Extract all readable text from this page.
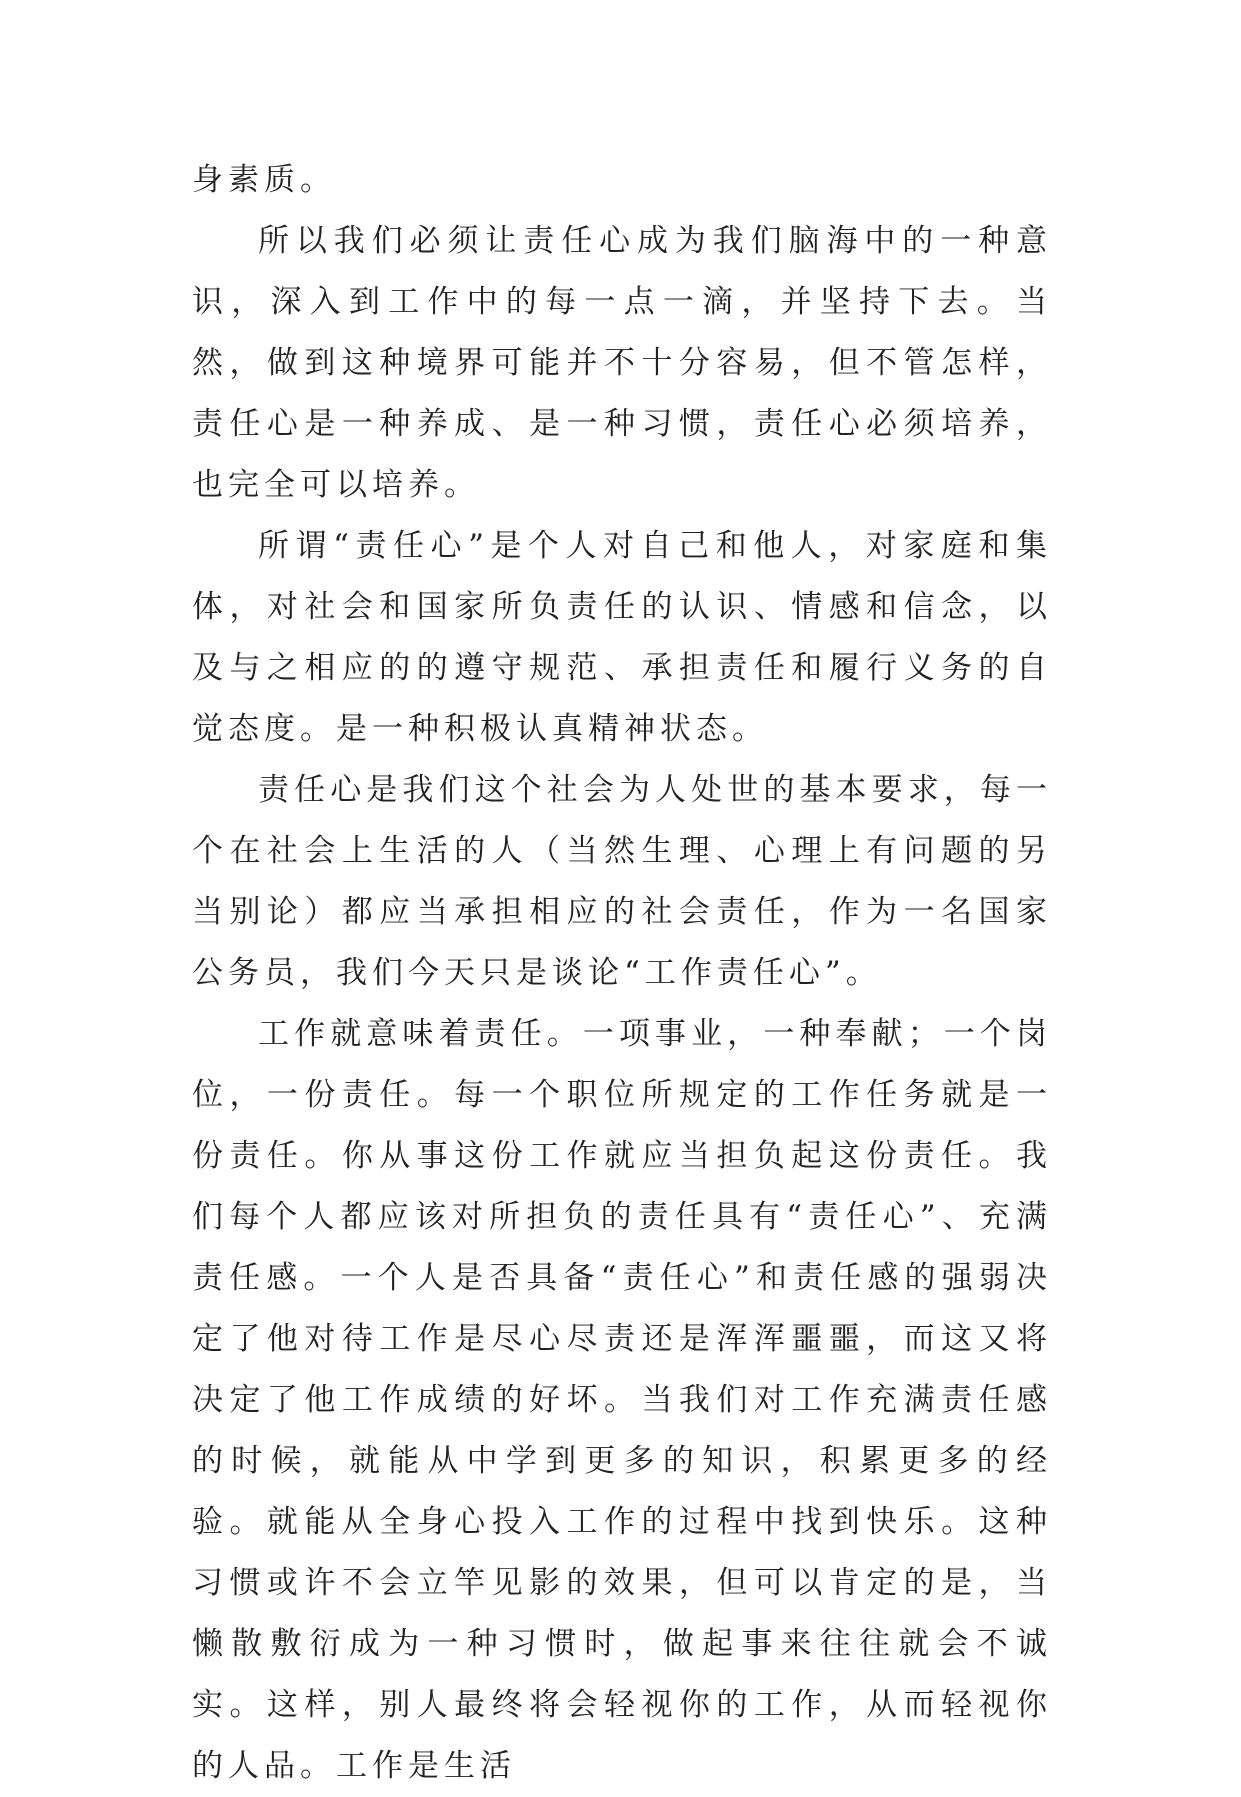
身素质。

所以我们必须让责任心成为我们脑海中的一种意识，深入到工作中的每一点一滴，并坚持下去。当然，做到这种境界可能并不十分容易，但不管怎样，责任心是一种养成、是一种习惯，责任心必须培养，也完全可以培养。

所谓“责任心”是个人对自己和他人，对家庭和集体，对社会和国家所负责任的认识、情感和信念，以及与之相应的的遵守规范、承担责任和履行义务的自觉态度。是一种积极认真精神状态。

责任心是我们这个社会为人处世的基本要求，每一个在社会上生活的人（当然生理、心理上有问题的另当别论）都应当承担相应的社会责任，作为一名国家公务员，我们今天只是谈论“工作责任心”。

工作就意味着责任。一项事业，一种奉献；一个岗位，一份责任。每一个职位所规定的工作任务就是一份责任。你从事这份工作就应当担负起这份责任。我们每个人都应该对所担负的责任具有“责任心”、充满责任感。一个人是否具备“责任心”和责任感的强弱决定了他对待工作是尽心尽责还是浑浑噩噩，而这又将决定了他工作成绩的好坏。当我们对工作充满责任感的时候，就能从中学到更多的知识，积累更多的经验。就能从全身心投入工作的过程中找到快乐。这种习惯或许不会立竿见影的效果，但可以肯定的是，当懒散敷衍成为一种习惯时，做起事来往往就会不诚实。这样，别人最终将会轻视你的工作，从而轻视你的人品。工作是生活
